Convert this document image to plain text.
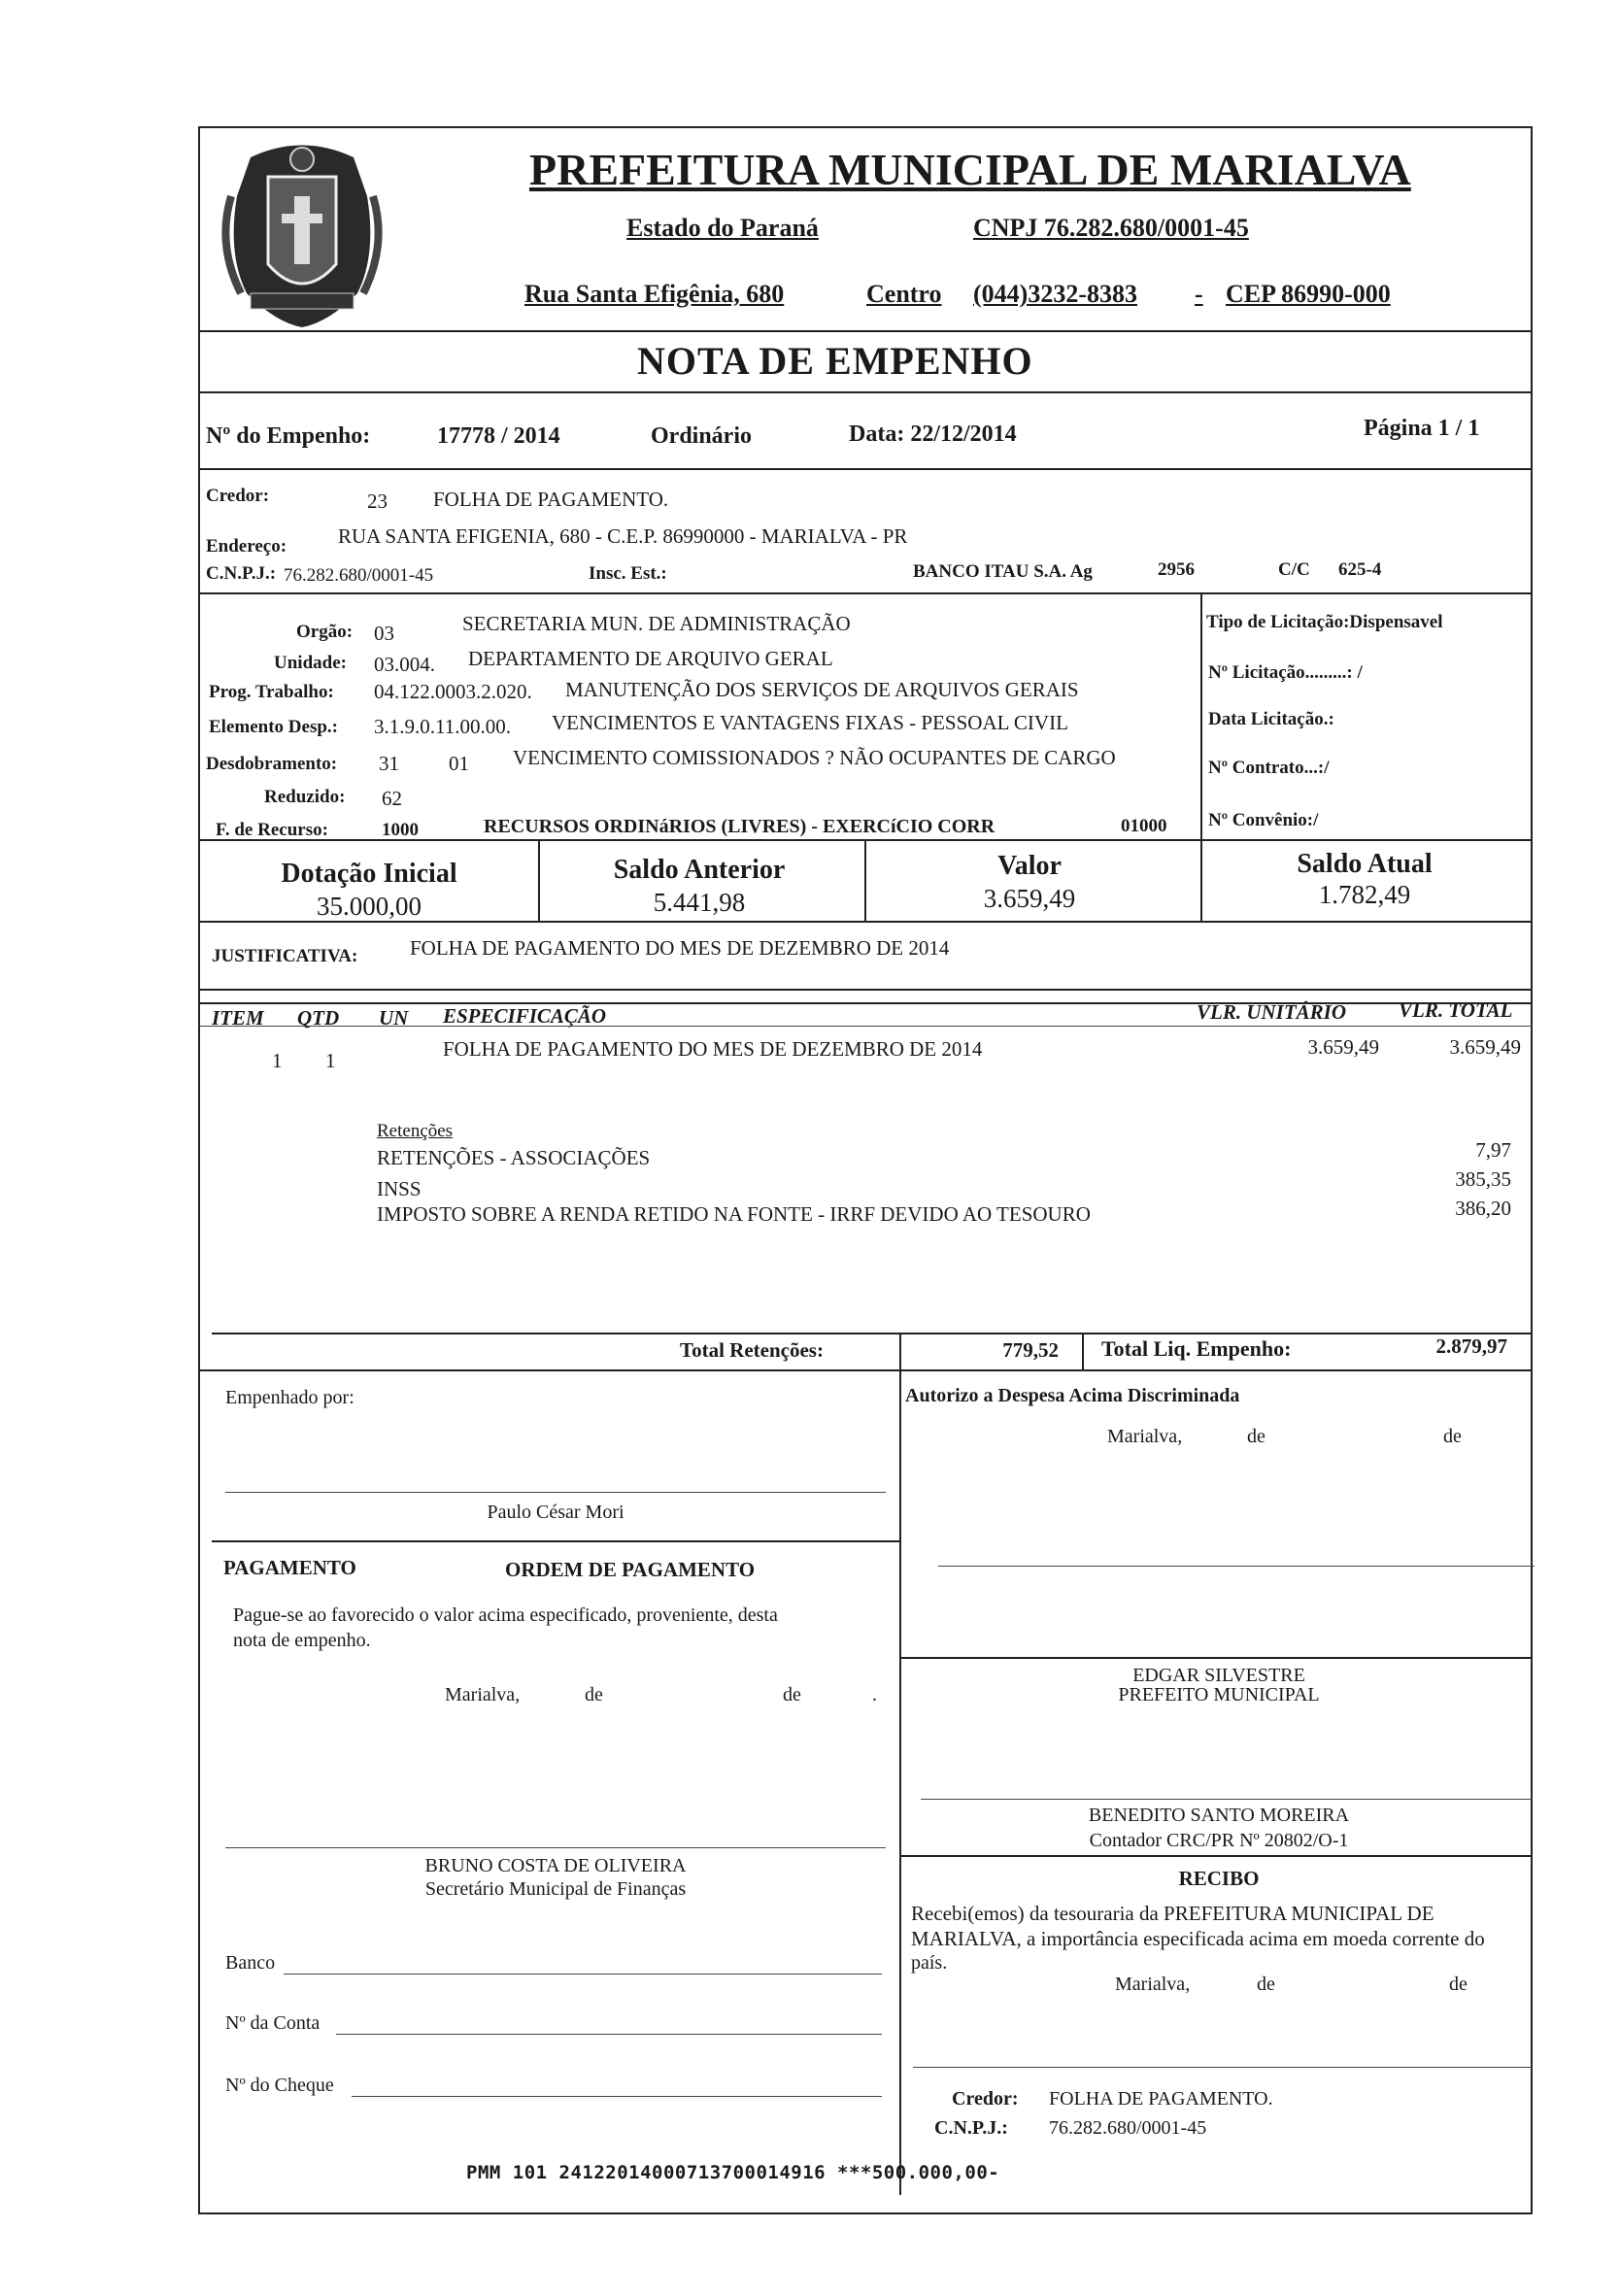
PREFEITURA MUNICIPAL DE MARIALVA
Estado do Paraná	CNPJ 76.282.680/0001-45
Rua Santa Efigênia, 680	Centro (044)3232-8383 - CEP 86990-000
NOTA DE EMPENHO
Nº do Empenho:	17778 / 2014	Ordinário	Data: 22/12/2014	Página 1 / 1
Credor:	23 FOLHA DE PAGAMENTO.
Endereço:	RUA SANTA EFIGENIA, 680 - C.E.P. 86990000 - MARIALVA - PR
C.N.P.J.: 76.282.680/0001-45	Insc. Est.:	BANCO ITAU S.A. Ag	2956	C/C 625-4
Orgão: 03	SECRETARIA MUN. DE ADMINISTRAÇÃO
Unidade: 03.004. DEPARTAMENTO DE ARQUIVO GERAL
Prog. Trabalho: 04.122.0003.2.020. MANUTENÇÃO DOS SERVIÇOS DE ARQUIVOS GERAIS
Elemento Desp.: 3.1.9.0.11.00.00. VENCIMENTOS E VANTAGENS FIXAS - PESSOAL CIVIL
Desdobramento: 31 01 VENCIMENTO COMISSIONADOS ? NÃO OCUPANTES DE CARGO
Reduzido: 62
F. de Recurso:	1000	RECURSOS ORDINáRIOS (LIVRES) - EXERCíCIO CORR	01000
Tipo de Licitação:Dispensavel
Nº Licitação.........: /
Data Licitação.:
Nº Contrato...:/
Nº Convênio:/
Dotação Inicial
35.000,00
Saldo Anterior
5.441,98
Valor
3.659,49
Saldo Atual
1.782,49
JUSTIFICATIVA:	FOLHA DE PAGAMENTO DO MES DE DEZEMBRO DE 2014
ITEM QTD UN ESPECIFICAÇÃO	VLR. UNITÁRIO	VLR. TOTAL
1 1	FOLHA DE PAGAMENTO DO MES DE DEZEMBRO DE 2014	3.659,49	3.659,49
Retenções
RETENÇÕES - ASSOCIAÇÕES	7,97
INSS	385,35
IMPOSTO SOBRE A RENDA RETIDO NA FONTE - IRRF DEVIDO AO TESOURO	386,20
Total Retenções:	779,52 Total Liq. Empenho:	2.879,97
Empenhado por:
Paulo César Mori
Autorizo a Despesa Acima Discriminada
Marialva,	de	de
EDGAR SILVESTRE
PREFEITO MUNICIPAL
BENEDITO SANTO MOREIRA
Contador CRC/PR Nº 20802/O-1
PAGAMENTO	ORDEM DE PAGAMENTO
Pague-se ao favorecido o valor acima especificado, proveniente, desta
nota de empenho.
Marialva,	de	de	.
BRUNO COSTA DE OLIVEIRA
Secretário Municipal de Finanças
Banco
Nº da Conta
Nº do Cheque
RECIBO
Recebi(emos) da tesouraria da PREFEITURA MUNICIPAL DE
MARIALVA, a importância especificada acima em moeda corrente do
país.
Marialva,	de	de
Credor: FOLHA DE PAGAMENTO.
C.N.P.J.: 76.282.680/0001-45
PMM 101 24122014000713700014916 ***500.000,00-
